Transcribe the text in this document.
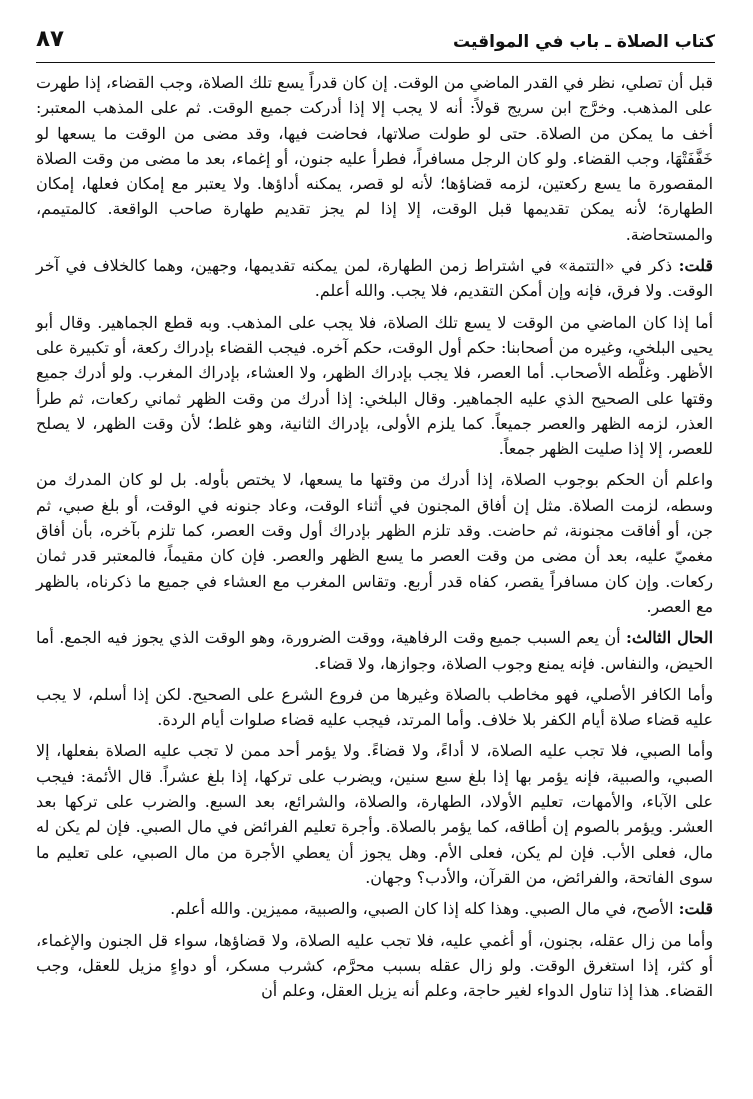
كتاب الصلاة ـ باب في المواقيت
٨٧

قبل أن تصلي، نظر في القدر الماضي من الوقت. إن كان قدراً يسع تلك الصلاة، وجب القضاء، إذا طهرت على المذهب. وخرَّج ابن سريج قولاً: أنه لا يجب إلا إذا أدركت جميع الوقت. ثم على المذهب المعتبر: أخف ما يمكن من الصلاة. حتى لو طولت صلاتها، فحاضت فيها، وقد مضى من الوقت ما يسعها لو خَفَّفَتْهَا، وجب القضاء. ولو كان الرجل مسافراً، فطرأ عليه جنون، أو إغماء، بعد ما مضى من وقت الصلاة المقصورة ما يسع ركعتين، لزمه قضاؤها؛ لأنه لو قصر، يمكنه أداؤها. ولا يعتبر مع إمكان فعلها، إمكان الطهارة؛ لأنه يمكن تقديمها قبل الوقت، إلا إذا لم يجز تقديم طهارة صاحب الواقعة. كالمتيمم، والمستحاضة.

قلت: ذكر في «التتمة» في اشتراط زمن الطهارة، لمن يمكنه تقديمها، وجهين، وهما كالخلاف في آخر الوقت. ولا فرق، فإنه وإن أمكن التقديم، فلا يجب. والله أعلم.

أما إذا كان الماضي من الوقت لا يسع تلك الصلاة، فلا يجب على المذهب. وبه قطع الجماهير. وقال أبو يحيى البلخي، وغيره من أصحابنا: حكم أول الوقت، حكم آخره. فيجب القضاء بإدراك ركعة، أو تكبيرة على الأظهر. وغلَّطه الأصحاب. أما العصر، فلا يجب بإدراك الظهر، ولا العشاء، بإدراك المغرب. ولو أدرك جميع وقتها على الصحيح الذي عليه الجماهير. وقال البلخي: إذا أدرك من وقت الظهر ثماني ركعات، ثم طرأ العذر، لزمه الظهر والعصر جميعاً. كما يلزم الأولى، بإدراك الثانية، وهو غلط؛ لأن وقت الظهر، لا يصلح للعصر، إلا إذا صليت الظهر جمعاً.

واعلم أن الحكم بوجوب الصلاة، إذا أدرك من وقتها ما يسعها، لا يختص بأوله. بل لو كان المدرك من وسطه، لزمت الصلاة. مثل إن أفاق المجنون في أثناء الوقت، وعاد جنونه في الوقت، أو بلغ صبي، ثم جن، أو أفاقت مجنونة، ثم حاضت. وقد تلزم الظهر بإدراك أول وقت العصر، كما تلزم بآخره، بأن أفاق مغميّ عليه، بعد أن مضى من وقت العصر ما يسع الظهر والعصر. فإن كان مقيماً، فالمعتبر قدر ثمان ركعات. وإن كان مسافراً يقصر، كفاه قدر أربع. وتقاس المغرب مع العشاء في جميع ما ذكرناه، بالظهر مع العصر.

الحال الثالث: أن يعم السبب جميع وقت الرفاهية، ووقت الضرورة، وهو الوقت الذي يجوز فيه الجمع. أما الحيض، والنفاس. فإنه يمنع وجوب الصلاة، وجوازها، ولا قضاء.

وأما الكافر الأصلي، فهو مخاطب بالصلاة وغيرها من فروع الشرع على الصحيح. لكن إذا أسلم، لا يجب عليه قضاء صلاة أيام الكفر بلا خلاف. وأما المرتد، فيجب عليه قضاء صلوات أيام الردة.

وأما الصبي، فلا تجب عليه الصلاة، لا أداءً، ولا قضاءً. ولا يؤمر أحد ممن لا تجب عليه الصلاة بفعلها، إلا الصبي، والصبية، فإنه يؤمر بها إذا بلغ سبع سنين، ويضرب على تركها، إذا بلغ عشراً. قال الأئمة: فيجب على الآباء، والأمهات، تعليم الأولاد، الطهارة، والصلاة، والشرائع، بعد السبع. والضرب على تركها بعد العشر. ويؤمر بالصوم إن أطاقه، كما يؤمر بالصلاة. وأجرة تعليم الفرائض في مال الصبي. فإن لم يكن له مال، فعلى الأب. فإن لم يكن، فعلى الأم. وهل يجوز أن يعطي الأجرة من مال الصبي، على تعليم ما سوى الفاتحة، والفرائض، من القرآن، والأدب؟ وجهان.

قلت: الأصح، في مال الصبي. وهذا كله إذا كان الصبي، والصبية، مميزين. والله أعلم.

وأما من زال عقله، بجنون، أو أغمي عليه، فلا تجب عليه الصلاة، ولا قضاؤها، سواء قل الجنون والإغماء، أو كثر، إذا استغرق الوقت. ولو زال عقله بسبب محرَّم، كشرب مسكر، أو دواءٍ مزيل للعقل، وجب القضاء. هذا إذا تناول الدواء لغير حاجة، وعلم أنه يزيل العقل، وعلم أن
